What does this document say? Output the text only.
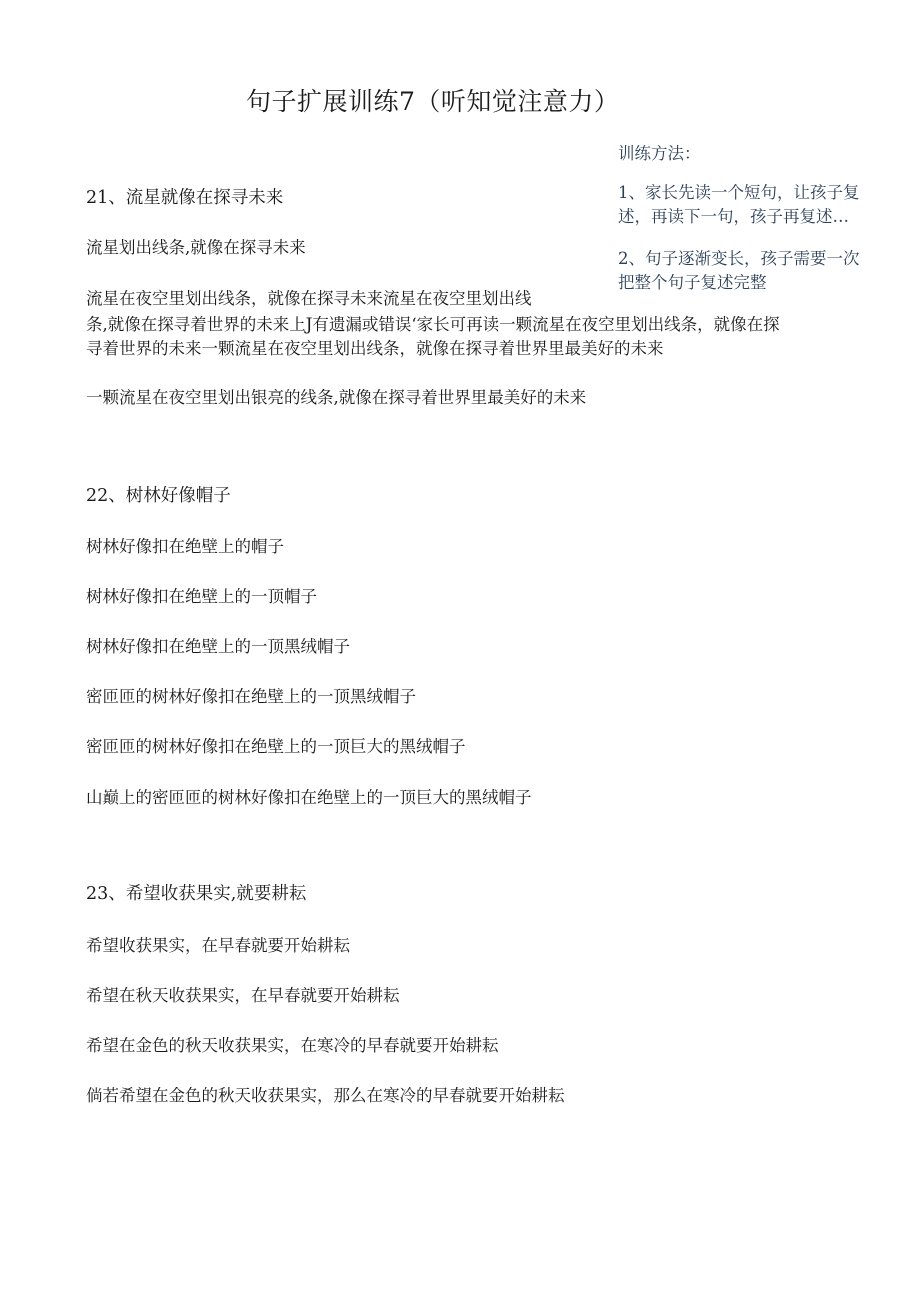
句子扩展训练7（听知觉注意力）
训练方法：
1、家长先读一个短句，让孩子复
述，再读下一句，孩子再复述…
2、句子逐渐变长，孩子需要一次
把整个句子复述完整
21、流星就像在探寻未来
流星划出线条,就像在探寻未来
流星在夜空里划出线条，就像在探寻未来流星在夜空里划出线
条,就像在探寻着世界的未来上J有遗漏或错误‘家长可再读一颗流星在夜空里划出线条，就像在探
寻着世界的未来一颗流星在夜空里划出线条，就像在探寻着世界里最美好的未来
一颗流星在夜空里划出银亮的线条,就像在探寻着世界里最美好的未来
22、树林好像帽子
树林好像扣在绝壁上的帽子
树林好像扣在绝壁上的一顶帽子
树林好像扣在绝壁上的一顶黑绒帽子
密匝匝的树林好像扣在绝壁上的一顶黑绒帽子
密匝匝的树林好像扣在绝壁上的一顶巨大的黑绒帽子
山巅上的密匝匝的树林好像扣在绝壁上的一顶巨大的黑绒帽子
23、希望收获果实,就要耕耘
希望收获果实，在早春就要开始耕耘
希望在秋天收获果实，在早春就要开始耕耘
希望在金色的秋天收获果实，在寒冷的早春就要开始耕耘
倘若希望在金色的秋天收获果实，那么在寒冷的早春就要开始耕耘
